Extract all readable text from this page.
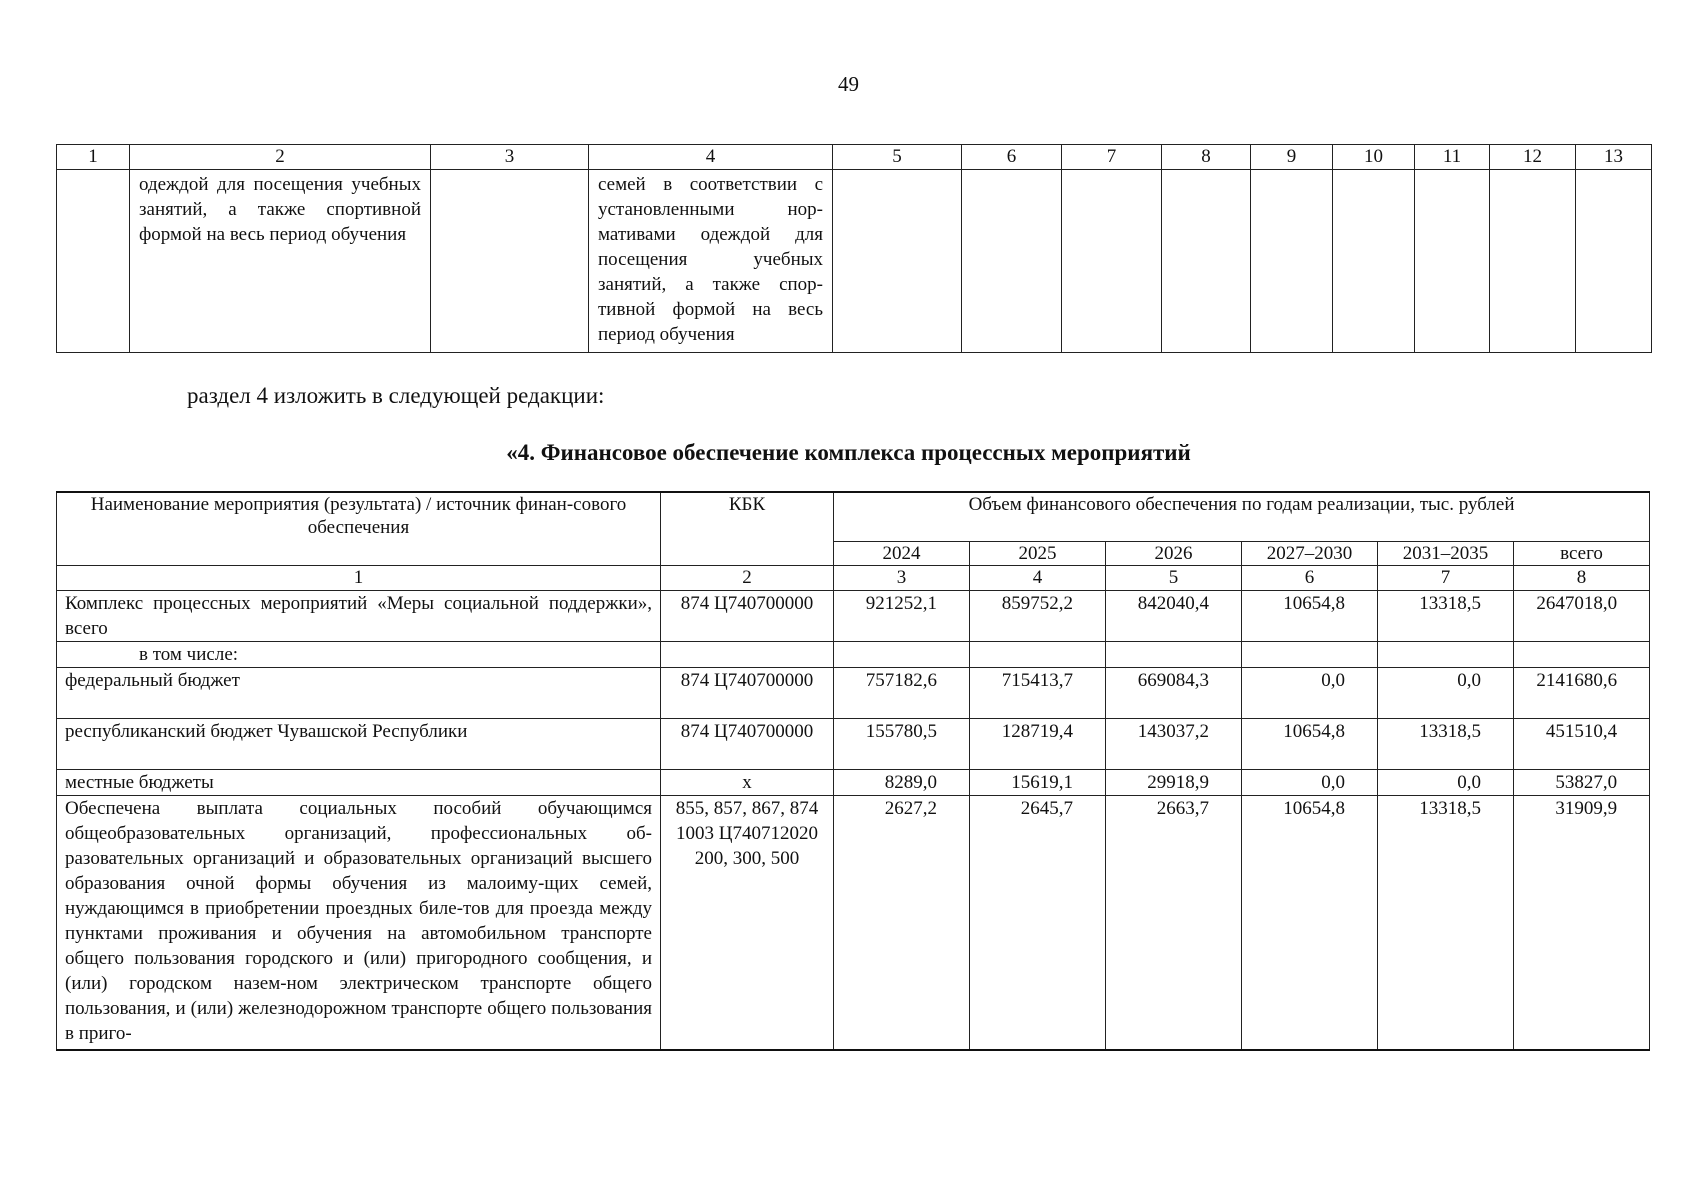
49
1	2	3	4	5	6	7	8	9	10	11	12	13
	одеждой для посещения учебных занятий, а также спортивной формой на весь период обучения		семей в соответствии с установленными нор-мативами одеждой для посещения учебных занятий, а также спор-тивной формой на весь период обучения									
раздел 4 изложить в следующей редакции:
«4. Финансовое обеспечение комплекса процессных мероприятий
Наименование мероприятия (результата) / источник финан-сового обеспечения	КБК	Объем финансового обеспечения по годам реализации, тыс. рублей					
		2024	2025	2026	2027–2030	2031–2035	всего
1	2	3	4	5	6	7	8
Комплекс процессных мероприятий «Меры социальной поддержки», всего	874 Ц740700000	921252,1	859752,2	842040,4	10654,8	13318,5	2647018,0
в том числе:							
федеральный бюджет	874 Ц740700000	757182,6	715413,7	669084,3	0,0	0,0	2141680,6
республиканский бюджет Чувашской Республики	874 Ц740700000	155780,5	128719,4	143037,2	10654,8	13318,5	451510,4
местные бюджеты	х	8289,0	15619,1	29918,9	0,0	0,0	53827,0
Обеспечена выплата социальных пособий обучающимся общеобразовательных организаций, профессиональных об-разовательных организаций и образовательных организаций высшего образования очной формы обучения из малоиму-щих семей, нуждающимся в приобретении проездных биле-тов для проезда между пунктами проживания и обучения на автомобильном транспорте общего пользования городского и (или) пригородного сообщения, и (или) городском назем-ном электрическом транспорте общего пользования, и (или) железнодорожном транспорте общего пользования в приго-	855, 857, 867, 874 1003 Ц740712020 200, 300, 500	2627,2	2645,7	2663,7	10654,8	13318,5	31909,9
